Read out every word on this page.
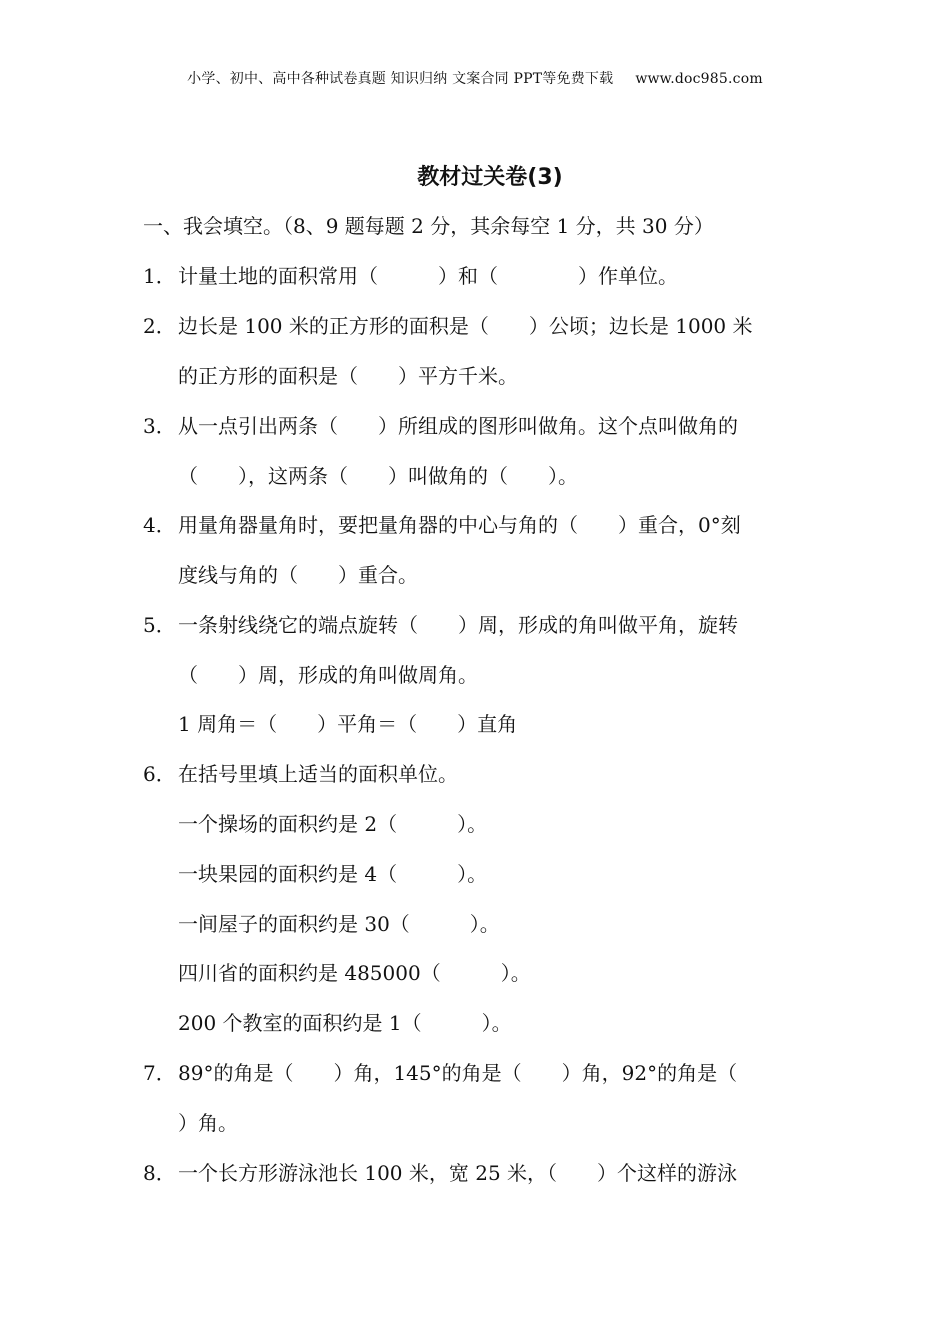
小学、初中、高中各种试卷真题 知识归纳 文案合同 PPT等免费下载 www.doc985.com
教材过关卷(3)
一、我会填空。（8、9 题每题 2 分，其余每空 1 分，共 30 分）
1． 计量土地的面积常用（　　　）和（　　　　）作单位。
2． 边长是 100 米的正方形的面积是（　　）公顷；边长是 1000 米
的正方形的面积是（　　）平方千米。
3． 从一点引出两条（　　）所组成的图形叫做角。这个点叫做角的
（　　），这两条（　　）叫做角的（　　）。
4． 用量角器量角时，要把量角器的中心与角的（　　）重合，0°刻
度线与角的（　　）重合。
5． 一条射线绕它的端点旋转（　　）周，形成的角叫做平角，旋转
（　　）周，形成的角叫做周角。
1 周角＝（　　）平角＝（　　）直角
6． 在括号里填上适当的面积单位。
一个操场的面积约是 2（　　　）。
一块果园的面积约是 4（　　　）。
一间屋子的面积约是 30（　　　）。
四川省的面积约是 485000（　　　）。
200 个教室的面积约是 1（　　　）。
7． 89°的角是（　　）角，145°的角是（　　）角，92°的角是（
）角。
8． 一个长方形游泳池长 100 米，宽 25 米，（　　）个这样的游泳
